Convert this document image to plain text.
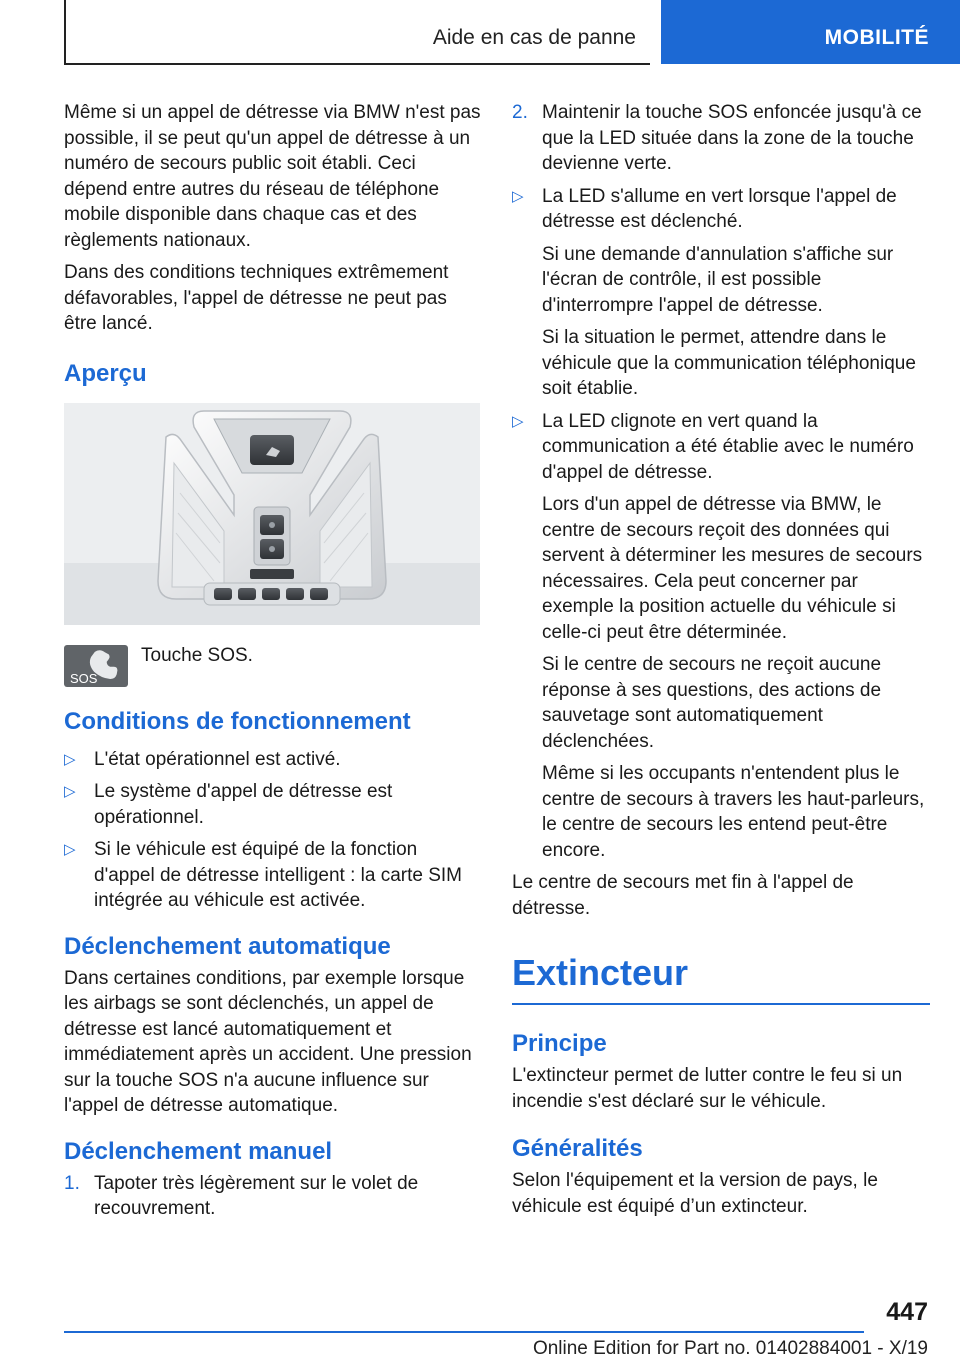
Aide en cas de panne	MOBILITÉ

Même si un appel de détresse via BMW n'est pas possible, il se peut qu'un appel de détresse à un numéro de secours public soit établi. Ceci dépend entre autres du réseau de téléphone mobile disponible dans chaque cas et des règlements nationaux.

Dans des conditions techniques extrêmement défavorables, l'appel de détresse ne peut pas être lancé.

Aperçu
SOS
Touche SOS.
Conditions de fonctionnement
▷ L'état opérationnel est activé.
▷ Le système d'appel de détresse est opérationnel.
▷ Si le véhicule est équipé de la fonction d'appel de détresse intelligent : la carte SIM intégrée au véhicule est activée.
Déclenchement automatique

Dans certaines conditions, par exemple lorsque les airbags se sont déclenchés, un appel de détresse est lancé automatiquement et immédiatement après un accident. Une pression sur la touche SOS n'a aucune influence sur l'appel de détresse automatique.

Déclenchement manuel
1. Tapoter très légèrement sur le volet de recouvrement.
2. Maintenir la touche SOS enfoncée jusqu'à ce que la LED située dans la zone de la touche devienne verte.
▷ La LED s'allume en vert lorsque l'appel de détresse est déclenché.
Si une demande d'annulation s'affiche sur l'écran de contrôle, il est possible d'interrompre l'appel de détresse.
Si la situation le permet, attendre dans le véhicule que la communication téléphonique soit établie.
▷ La LED clignote en vert quand la communication a été établie avec le numéro d'appel de détresse.
Lors d'un appel de détresse via BMW, le centre de secours reçoit des données qui servent à déterminer les mesures de secours nécessaires. Cela peut concerner par exemple la position actuelle du véhicule si celle-ci peut être déterminée.
Si le centre de secours ne reçoit aucune réponse à ses questions, des actions de sauvetage sont automatiquement déclenchées.
Même si les occupants n'entendent plus le centre de secours à travers les haut-parleurs, le centre de secours les entend peut-être encore.

Le centre de secours met fin à l'appel de détresse.

Extincteur
Principe

L'extincteur permet de lutter contre le feu si un incendie s'est déclaré sur le véhicule.

Généralités

Selon l'équipement et la version de pays, le véhicule est équipé d’un extincteur.

447
Online Edition for Part no. 01402884001 - X/19
